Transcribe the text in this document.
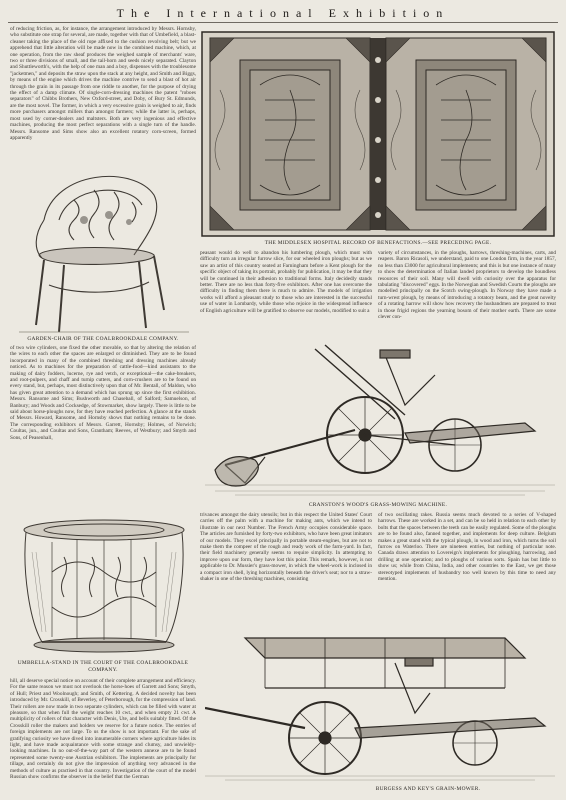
The International Exhibition
of reducing friction, as, for instance, the arrangement introduced by Messrs. Hornsby, who substitute one strap for several, are made, together with that of Umbefield, a blast-cleaner taking the place of the old rope affixed to the cushion revolving belt; but we apprehend that little alteration will be made now in the combined machine, which, at one operation, from the raw sheaf produces the weighed sample of merchants' ware, two or three divisions of small, and the tail-horn and seeds nicely separated. Clayton and Shuttleworth's, with the help of one man and a boy, dispenses with the troublesome "jacketmen," and deposits the straw upon the stack at any height, and Smith and Biggs, by means of the engine which drives the machine contrive to send a blast of hot air through the grain in its passage from one riddle to another, for the purpose of drying the effect of a damp climate. Of single-corn-dressing machines the patent "roboes separators" of Chibbs Brothers, New Oxford-street, and Doby, of Bury St. Edmunds, are the most novel. The former, in which a very excessive grain is weighed to air, finds more purchasers amongst millers than amongst farmers; while the latter is, perhaps, most used by corner-dealers and maltsters. Both are very ingenious and effective machines, producing the most perfect separations with a single turn of the handle. Messrs. Ransome and Sims show also an excellent rotatory corn-screen, formed apparently
GARDEN-CHAIR OF THE COALBROOKDALE COMPANY.
of two wire cylinders, one fixed the other movable, so that by altering the relation of the wires to each other the spaces are enlarged or diminished. They are to be found incorporated in many of the combined threshing and dressing machines already noticed. As to machines for the preparation of cattle-food—kind assistants to the making of dairy fodders, lucerne, rye and vetch, or exceptional—the cake-breakers, and root-pulpers, and chaff and turnip cutters, and corn-crushers are to be found on every stand, but, perhaps, most distinctively upon that of Mr. Bentall, of Maldon, who has given great attention to a demand which has sprung up since the first exhibition. Messrs. Ransome and Sims; Bushworth and Chaseball, of Salford; Samuelson, of Banbury; and Woods and Cocksedge, of Stowmarket, show largely. There is little to be said about horse-ploughs now, for they have reached perfection. A glance at the stands of Messrs. Howard, Ransome, and Hornsby shows that nothing remains to be done. The corresponding exhibitors of Messrs. Garrett, Hornsby; Holmes, of Norwich; Coultas, jun., and Coultas and Sons, Grantham; Reeves, of Westbury; and Smyth and Sons, of Peasenhall,
UMBRELLA-STAND IN THE COURT OF THE COALBROOKDALE COMPANY.
hill, all deserve special notice on account of their complete arrangement and efficiency. For the same reason we must not overlook the horse-hoes of Garrett and Sons; Smyth, of Hull; Priest and Woolnough; and Smith, of Kettering. A decided novelty has been introduced by Mr. Crosskill, of Beverley, of Peterborough, for the compression of land. Their rollers are now made in two separate cylinders, which can be filled with water at pleasure, so that when full the weight reaches 10 cwt., and when empty 21 cwt. A multiplicity of rollers of that character with Denis, Ute, and bells suitably fitted. Of the Crosskill roller the makers and holders we reserve for a future notice. The entries of foreign implements are not large. To us the show is not important. For the sake of gratifying curiosity we have dived into innumerable corners where agriculture hides its light, and have made acquaintance with some strange and clumsy, and unwieldy-looking machines. In no out-of-the-way part of the western annexe are to be found represented some twenty-one Austrian exhibitors. The implements are principally for tillage, and certainly do not give the impression of anything very advanced in the methods of culture as practised in that country. Investigation of the court of the model Russian show confirms the observer in the belief that the German
THE MIDDLESEX HOSPITAL RECORD OF BENEFACTIONS.—SEE PRECEDING PAGE.
peasant would do well to abandon his lumbering plough, which must with difficulty turn an irregular furrow slice, for our wheeled iron ploughs; but as we saw an artist of this country seated at Farningham before a Kent plough for the specific object of taking its portrait, probably for publication, it may be that they will be continued in their adhesion to traditional forms. Italy decidedly stands better. There are no less than forty-five exhibitors. After one has overcome the difficulty in finding them there is much to admire. The models of irrigation works will afford a pleasant study to those who are interested in the successful use of water in Lombardy, while those who rejoice in the widespread influence of English agriculture will be gratified to observe our models, modified to suit a
variety of circumstances, in the ploughs, harrows, threshing-machines, carts, and reapers. Baron Ricasoli, we understand, paid to one London firm, in the year 1857, no less than £3000 for agricultural implements; and this is but one instance of many to show the determination of Italian landed proprietors to develop the boundless resources of their soil. Many will dwell with curiosity over the apparatus for tabulating "discovered" eggs. In the Norwegian and Swedish Courts the ploughs are modelled principally on the Scotch swing-plough. In Norway they have made a turn-wrest plough, by means of introducing a rotatory beam, and the great novelty of a rotating harrow will show how recovery the husbandmen are prepared to treat in those frigid regions the yearning bosom of their mother earth. There are some clever con-
CRANSTON'S WOOD'S GRASS-MOWING MACHINE.
trivances amongst the dairy utensils; but in this respect the United States' Court carries off the palm with a machine for making ants, which we intend to illustrate in our next Number. The French Army occupies considerable space. The articles are furnished by forty-two exhibitors, who have been great imitators of our models. They excel principally in portable steam-engines, but are not to make them the compeer of the rough and ready work of the farm-yard. In fact, their field machinery generally seems to require simplicity. In attempting to improve upon our form, they have lost this point. This remark, however, is not applicable to Dr. Mussier's grass-mower, in which the wheel-work is inclosed in a compact iron shell, lying horizontally beneath the driver's seat; nor to a straw-shaker in one of the threshing machines, consisting
of two oscillating rakes. Russia seems much devoted to a series of V-shaped harrows. These are worked in a set, and can be so held in relation to each other by bolts that the spaces between the teeth can be easily regulated. Some of the ploughs are to be found also, fanned together, and implements for deep culture. Belgium makes a great stand with the typical plough, in wood and iron, which turns the soil furrow on Waterloo. There are nineteen entries, but nothing of particular note. Canada draws attention to Lovereign's implements for ploughing, harrowing, and drilling at one operation; and to ploughs of various sorts. Spain has but little to show us; while from China, India, and other countries to the East, we get those stereotyped implements of husbandry too well known by this time to need any mention.
BURGESS AND KEY'S GRAIN-MOWER.
